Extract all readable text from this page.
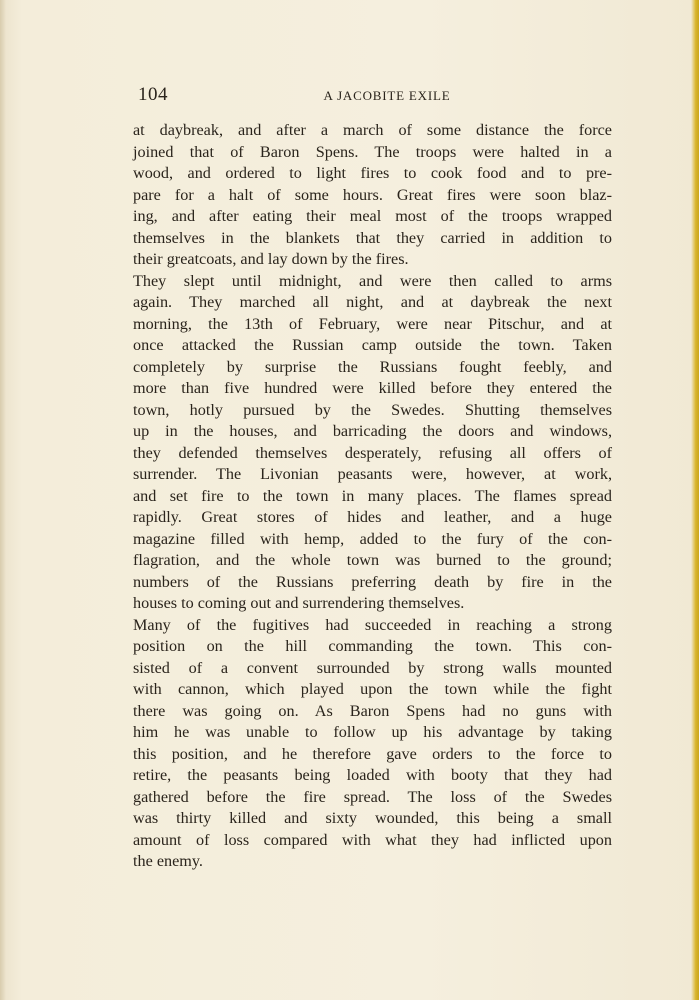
104	A JACOBITE EXILE
at daybreak, and after a march of some distance the force
joined that of Baron Spens. The troops were halted in a
wood, and ordered to light fires to cook food and to pre-
pare for a halt of some hours. Great fires were soon blaz-
ing, and after eating their meal most of the troops wrapped
themselves in the blankets that they carried in addition to
their greatcoats, and lay down by the fires.
They slept until midnight, and were then called to arms
again. They marched all night, and at daybreak the next
morning, the 13th of February, were near Pitschur, and at
once attacked the Russian camp outside the town. Taken
completely by surprise the Russians fought feebly, and
more than five hundred were killed before they entered the
town, hotly pursued by the Swedes. Shutting themselves
up in the houses, and barricading the doors and windows,
they defended themselves desperately, refusing all offers of
surrender. The Livonian peasants were, however, at work,
and set fire to the town in many places. The flames spread
rapidly. Great stores of hides and leather, and a huge
magazine filled with hemp, added to the fury of the con-
flagration, and the whole town was burned to the ground;
numbers of the Russians preferring death by fire in the
houses to coming out and surrendering themselves.
Many of the fugitives had succeeded in reaching a strong
position on the hill commanding the town. This con-
sisted of a convent surrounded by strong walls mounted
with cannon, which played upon the town while the fight
there was going on. As Baron Spens had no guns with
him he was unable to follow up his advantage by taking
this position, and he therefore gave orders to the force to
retire, the peasants being loaded with booty that they had
gathered before the fire spread. The loss of the Swedes
was thirty killed and sixty wounded, this being a small
amount of loss compared with what they had inflicted upon
the enemy.
